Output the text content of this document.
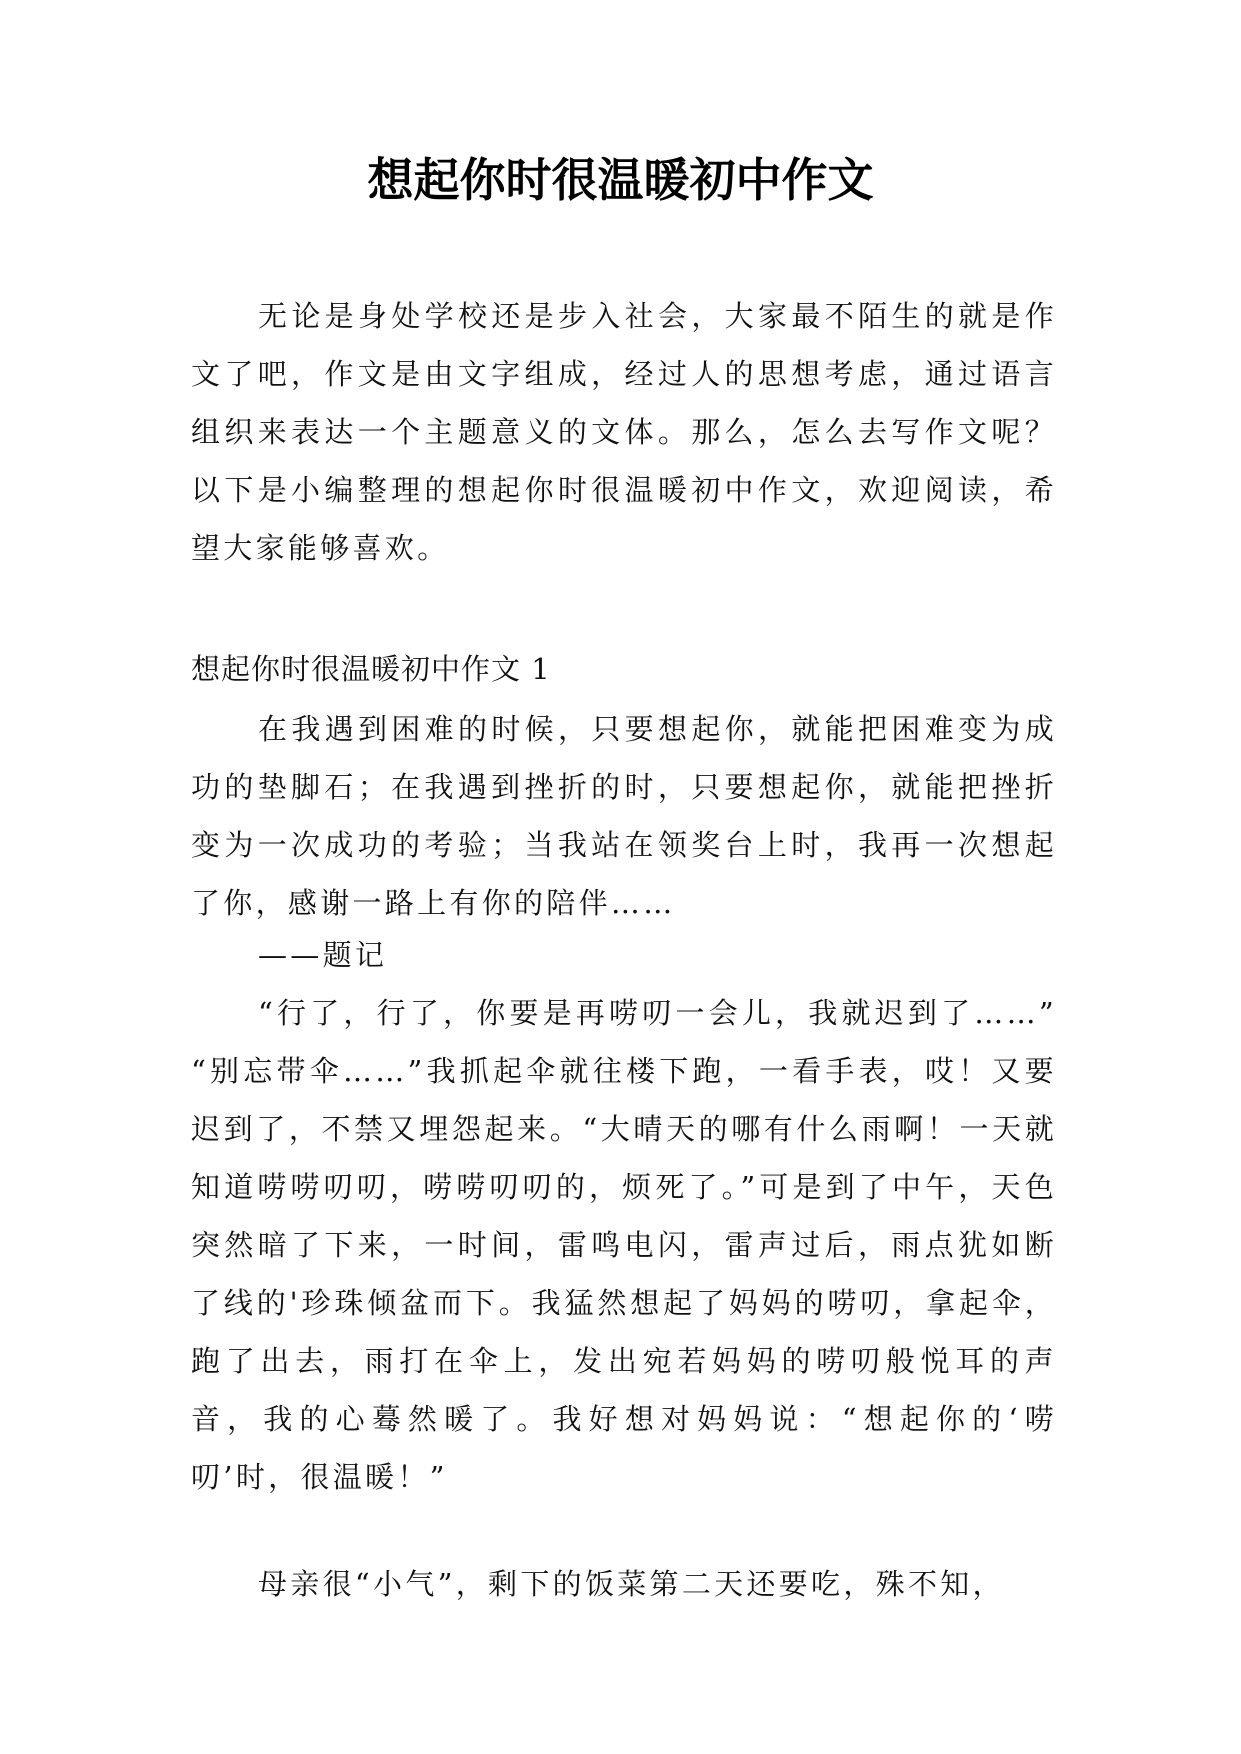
想起你时很温暖初中作文

无论是身处学校还是步入社会，大家最不陌生的就是作文了吧，作文是由文字组成，经过人的思想考虑，通过语言组织来表达一个主题意义的文体。那么，怎么去写作文呢？以下是小编整理的想起你时很温暖初中作文，欢迎阅读，希望大家能够喜欢。

想起你时很温暖初中作文 1

在我遇到困难的时候，只要想起你，就能把困难变为成功的垫脚石；在我遇到挫折的时，只要想起你，就能把挫折变为一次成功的考验；当我站在领奖台上时，我再一次想起了你，感谢一路上有你的陪伴……

——题记

“行了，行了，你要是再唠叨一会儿，我就迟到了……” “别忘带伞……”我抓起伞就往楼下跑，一看手表，哎！又要迟到了，不禁又埋怨起来。“大晴天的哪有什么雨啊！一天就知道唠唠叨叨，唠唠叨叨的，烦死了。”可是到了中午，天色突然暗了下来，一时间，雷鸣电闪，雷声过后，雨点犹如断了线的'珍珠倾盆而下。我猛然想起了妈妈的唠叨，拿起伞，跑了出去，雨打在伞上，发出宛若妈妈的唠叨般悦耳的声音，我的心蓦然暖了。我好想对妈妈说：“想起你的‘唠叨’时，很温暖！”

母亲很“小气”，剩下的饭菜第二天还要吃，殊不知，
